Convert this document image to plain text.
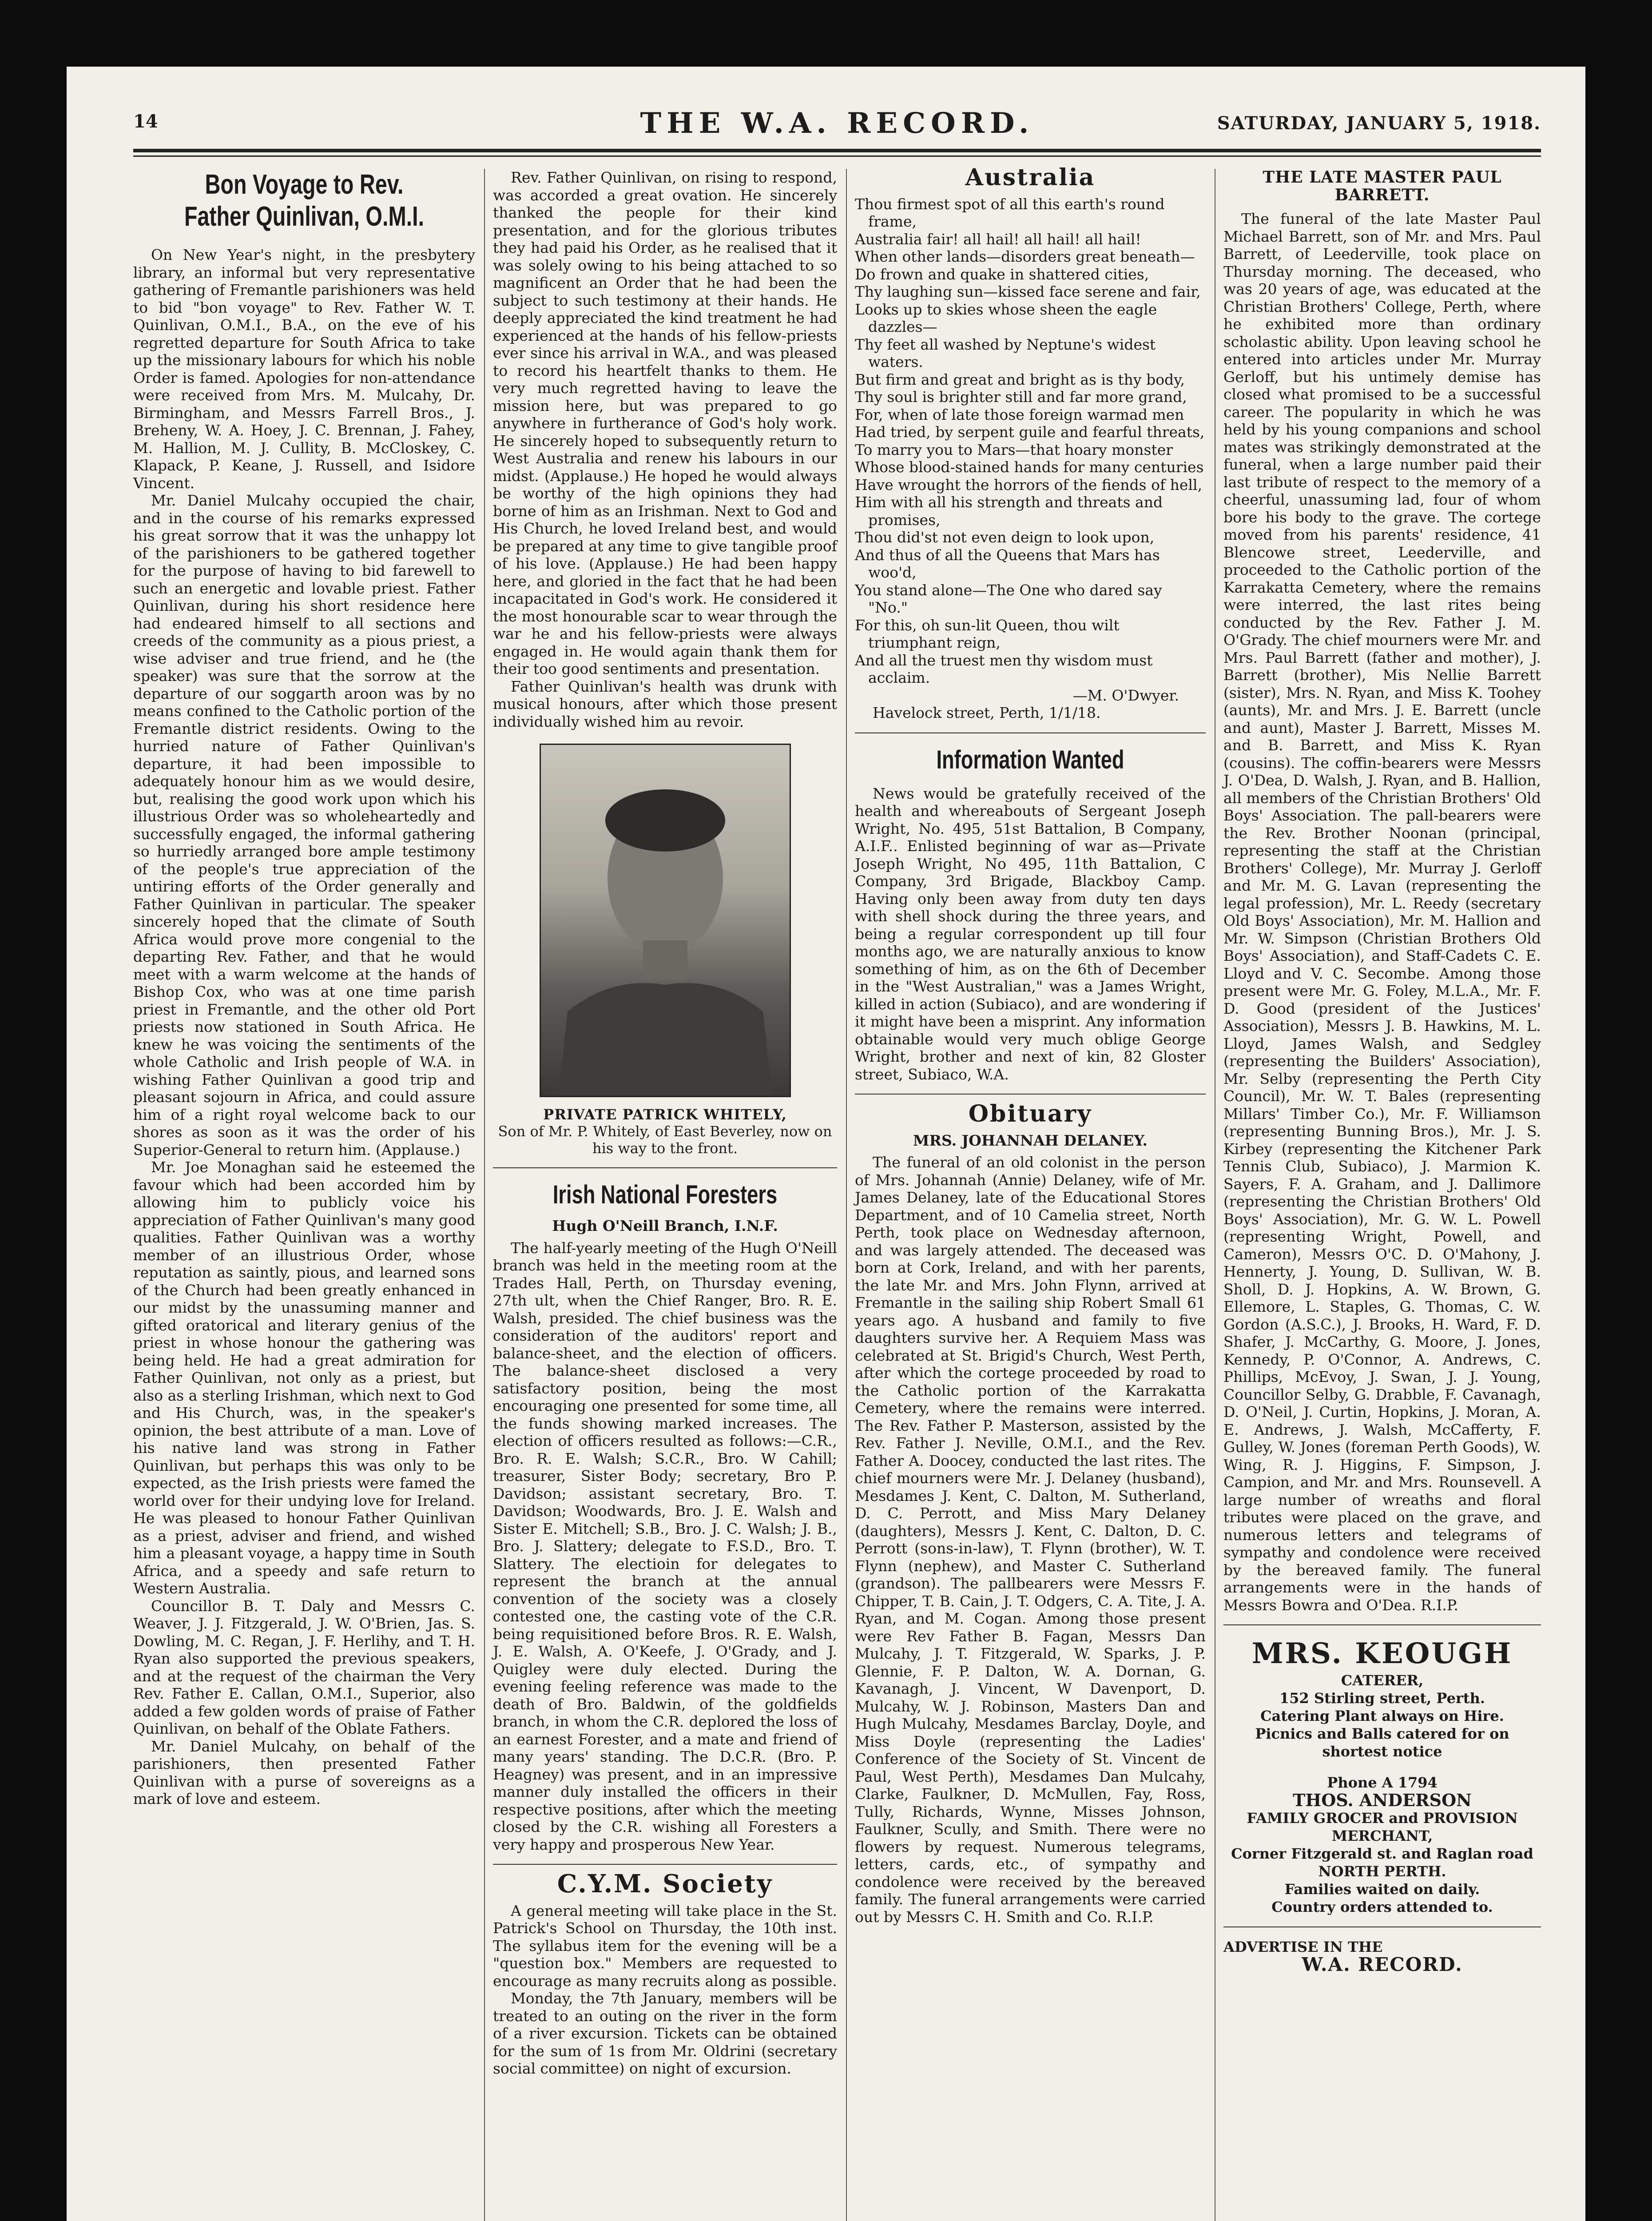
14	THE W.A. RECORD.	SATURDAY, JANUARY 5, 1918.
Bon Voyage to Rev. Father Quinlivan, O.M.I.

On New Year's night, in the presbytery library, an informal but very representative gathering of Fremantle parishioners was held to bid "bon voyage" to Rev. Father W. T. Quinlivan, O.M.I., B.A., on the eve of his regretted departure for South Africa to take up the missionary labours for which his noble Order is famed. Apologies for non-attendance were received from Mrs. M. Mulcahy, Dr. Birmingham, and Messrs Farrell Bros., J. Breheny, W. A. Hoey, J. C. Brennan, J. Fahey, M. Hallion, M. J. Cullity, B. McCloskey, C. Klapack, P. Keane, J. Russell, and Isidore Vincent.

Mr. Daniel Mulcahy occupied the chair, and in the course of his remarks expressed his great sorrow that it was the unhappy lot of the parishioners to be gathered together for the purpose of having to bid farewell to such an energetic and lovable priest. Father Quinlivan, during his short residence here had endeared himself to all sections and creeds of the community as a pious priest, a wise adviser and true friend, and he (the speaker) was sure that the sorrow at the departure of our soggarth aroon was by no means confined to the Catholic portion of the Fremantle district residents. Owing to the hurried nature of Father Quinlivan's departure, it had been impossible to adequately honour him as we would desire, but, realising the good work upon which his illustrious Order was so wholeheartedly and successfully engaged, the informal gathering so hurriedly arranged bore ample testimony of the people's true appreciation of the untiring efforts of the Order generally and Father Quinlivan in particular. The speaker sincerely hoped that the climate of South Africa would prove more congenial to the departing Rev. Father, and that he would meet with a warm welcome at the hands of Bishop Cox, who was at one time parish priest in Fremantle, and the other old Port priests now stationed in South Africa. He knew he was voicing the sentiments of the whole Catholic and Irish people of W.A. in wishing Father Quinlivan a good trip and pleasant sojourn in Africa, and could assure him of a right royal welcome back to our shores as soon as it was the order of his Superior-General to return him. (Applause.)

Mr. Joe Monaghan said he esteemed the favour which had been accorded him by allowing him to publicly voice his appreciation of Father Quinlivan's many good qualities. Father Quinlivan was a worthy member of an illustrious Order, whose reputation as saintly, pious, and learned sons of the Church had been greatly enhanced in our midst by the unassuming manner and gifted oratorical and literary genius of the priest in whose honour the gathering was being held. He had a great admiration for Father Quinlivan, not only as a priest, but also as a sterling Irishman, which next to God and His Church, was, in the speaker's opinion, the best attribute of a man. Love of his native land was strong in Father Quinlivan, but perhaps this was only to be expected, as the Irish priests were famed the world over for their undying love for Ireland. He was pleased to honour Father Quinlivan as a priest, adviser and friend, and wished him a pleasant voyage, a happy time in South Africa, and a speedy and safe return to Western Australia.

Councillor B. T. Daly and Messrs C. Weaver, J. J. Fitzgerald, J. W. O'Brien, Jas. S. Dowling, M. C. Regan, J. F. Herlihy, and T. H. Ryan also supported the previous speakers, and at the request of the chairman the Very Rev. Father E. Callan, O.M.I., Superior, also added a few golden words of praise of Father Quinlivan, on behalf of the Oblate Fathers.

Mr. Daniel Mulcahy, on behalf of the parishioners, then presented Father Quinlivan with a purse of sovereigns as a mark of love and esteem.

Rev. Father Quinlivan, on rising to respond, was accorded a great ovation. He sincerely thanked the people for their kind presentation, and for the glorious tributes they had paid his Order, as he realised that it was solely owing to his being attached to so magnificent an Order that he had been the subject to such testimony at their hands. He deeply appreciated the kind treatment he had experienced at the hands of his fellow-priests ever since his arrival in W.A., and was pleased to record his heartfelt thanks to them. He very much regretted having to leave the mission here, but was prepared to go anywhere in furtherance of God's holy work. He sincerely hoped to subsequently return to West Australia and renew his labours in our midst. (Applause.) He hoped he would always be worthy of the high opinions they had borne of him as an Irishman. Next to God and His Church, he loved Ireland best, and would be prepared at any time to give tangible proof of his love. (Applause.) He had been happy here, and gloried in the fact that he had been incapacitated in God's work. He considered it the most honourable scar to wear through the war he and his fellow-priests were always engaged in. He would again thank them for their too good sentiments and presentation.

Father Quinlivan's health was drunk with musical honours, after which those present individually wished him au revoir.

PRIVATE PATRICK WHITELY,
Son of Mr. P. Whitely, of East Beverley, now on his way to the front.
Irish National Foresters
Hugh O'Neill Branch, I.N.F.

The half-yearly meeting of the Hugh O'Neill branch was held in the meeting room at the Trades Hall, Perth, on Thursday evening, 27th ult, when the Chief Ranger, Bro. R. E. Walsh, presided. The chief business was the consideration of the auditors' report and balance-sheet, and the election of officers. The balance-sheet disclosed a very satisfactory position, being the most encouraging one presented for some time, all the funds showing marked increases. The election of officers resulted as follows:—C.R., Bro. R. E. Walsh; S.C.R., Bro. W Cahill; treasurer, Sister Body; secretary, Bro P. Davidson; assistant secretary, Bro. T. Davidson; Woodwards, Bro. J. E. Walsh and Sister E. Mitchell; S.B., Bro. J. C. Walsh; J. B., Bro. J. Slattery; delegate to F.S.D., Bro. T. Slattery. The electioin for delegates to represent the branch at the annual convention of the society was a closely contested one, the casting vote of the C.R. being requisitioned before Bros. R. E. Walsh, J. E. Walsh, A. O'Keefe, J. O'Grady, and J. Quigley were duly elected. During the evening feeling reference was made to the death of Bro. Baldwin, of the goldfields branch, in whom the C.R. deplored the loss of an earnest Forester, and a mate and friend of many years' standing. The D.C.R. (Bro. P. Heagney) was present, and in an impressive manner duly installed the officers in their respective positions, after which the meeting closed by the C.R. wishing all Foresters a very happy and prosperous New Year.

C.Y.M. Society

A general meeting will take place in the St. Patrick's School on Thursday, the 10th inst. The syllabus item for the evening will be a "question box." Members are requested to encourage as many recruits along as possible.

Monday, the 7th January, members will be treated to an outing on the river in the form of a river excursion. Tickets can be obtained for the sum of 1s from Mr. Oldrini (secretary social committee) on night of excursion.

Australia

Thou firmest spot of all this earth's round frame,

Australia fair! all hail! all hail! all hail!

When other lands—disorders great beneath—

Do frown and quake in shattered cities,

Thy laughing sun—kissed face serene and fair,

Looks up to skies whose sheen the eagle dazzles—

Thy feet all washed by Neptune's widest waters.

But firm and great and bright as is thy body,

Thy soul is brighter still and far more grand,

For, when of late those foreign warmad men

Had tried, by serpent guile and fearful threats,

To marry you to Mars—that hoary monster

Whose blood-stained hands for many centuries

Have wrought the horrors of the fiends of hell,

Him with all his strength and threats and promises,

Thou did'st not even deign to look upon,

And thus of all the Queens that Mars has woo'd,

You stand alone—The One who dared say "No."

For this, oh sun-lit Queen, thou wilt triumphant reign,

And all the truest men thy wisdom must acclaim.

—M. O'Dwyer.

Havelock street, Perth, 1/1/18.

Information Wanted

News would be gratefully received of the health and whereabouts of Sergeant Joseph Wright, No. 495, 51st Battalion, B Company, A.I.F.. Enlisted beginning of war as—Private Joseph Wright, No 495, 11th Battalion, C Company, 3rd Brigade, Blackboy Camp. Having only been away from duty ten days with shell shock during the three years, and being a regular correspondent up till four months ago, we are naturally anxious to know something of him, as on the 6th of December in the "West Australian," was a James Wright, killed in action (Subiaco), and are wondering if it might have been a misprint. Any information obtainable would very much oblige George Wright, brother and next of kin, 82 Gloster street, Subiaco, W.A.

Obituary
MRS. JOHANNAH DELANEY.

The funeral of an old colonist in the person of Mrs. Johannah (Annie) Delaney, wife of Mr. James Delaney, late of the Educational Stores Department, and of 10 Camelia street, North Perth, took place on Wednesday afternoon, and was largely attended. The deceased was born at Cork, Ireland, and with her parents, the late Mr. and Mrs. John Flynn, arrived at Fremantle in the sailing ship Robert Small 61 years ago. A husband and family to five daughters survive her. A Requiem Mass was celebrated at St. Brigid's Church, West Perth, after which the cortege proceeded by road to the Catholic portion of the Karrakatta Cemetery, where the remains were interred. The Rev. Father P. Masterson, assisted by the Rev. Father J. Neville, O.M.I., and the Rev. Father A. Doocey, conducted the last rites. The chief mourners were Mr. J. Delaney (husband), Mesdames J. Kent, C. Dalton, M. Sutherland, D. C. Perrott, and Miss Mary Delaney (daughters), Messrs J. Kent, C. Dalton, D. C. Perrott (sons-in-law), T. Flynn (brother), W. T. Flynn (nephew), and Master C. Sutherland (grandson). The pallbearers were Messrs F. Chipper, T. B. Cain, J. T. Odgers, C. A. Tite, J. A. Ryan, and M. Cogan. Among those present were Rev Father B. Fagan, Messrs Dan Mulcahy, J. T. Fitzgerald, W. Sparks, J. P. Glennie, F. P. Dalton, W. A. Dornan, G. Kavanagh, J. Vincent, W Davenport, D. Mulcahy, W. J. Robinson, Masters Dan and Hugh Mulcahy, Mesdames Barclay, Doyle, and Miss Doyle (representing the Ladies' Conference of the Society of St. Vincent de Paul, West Perth), Mesdames Dan Mulcahy, Clarke, Faulkner, D. McMullen, Fay, Ross, Tully, Richards, Wynne, Misses Johnson, Faulkner, Scully, and Smith. There were no flowers by request. Numerous telegrams, letters, cards, etc., of sympathy and condolence were received by the bereaved family. The funeral arrangements were carried out by Messrs C. H. Smith and Co. R.I.P.

THE LATE MASTER PAUL BARRETT.

The funeral of the late Master Paul Michael Barrett, son of Mr. and Mrs. Paul Barrett, of Leederville, took place on Thursday morning. The deceased, who was 20 years of age, was educated at the Christian Brothers' College, Perth, where he exhibited more than ordinary scholastic ability. Upon leaving school he entered into articles under Mr. Murray Gerloff, but his untimely demise has closed what promised to be a successful career. The popularity in which he was held by his young companions and school mates was strikingly demonstrated at the funeral, when a large number paid their last tribute of respect to the memory of a cheerful, unassuming lad, four of whom bore his body to the grave. The cortege moved from his parents' residence, 41 Blencowe street, Leederville, and proceeded to the Catholic portion of the Karrakatta Cemetery, where the remains were interred, the last rites being conducted by the Rev. Father J. M. O'Grady. The chief mourners were Mr. and Mrs. Paul Barrett (father and mother), J. Barrett (brother), Mis Nellie Barrett (sister), Mrs. N. Ryan, and Miss K. Toohey (aunts), Mr. and Mrs. J. E. Barrett (uncle and aunt), Master J. Barrett, Misses M. and B. Barrett, and Miss K. Ryan (cousins). The coffin-bearers were Messrs J. O'Dea, D. Walsh, J. Ryan, and B. Hallion, all members of the Christian Brothers' Old Boys' Association. The pall-bearers were the Rev. Brother Noonan (principal, representing the staff at the Christian Brothers' College), Mr. Murray J. Gerloff and Mr. M. G. Lavan (representing the legal profession), Mr. L. Reedy (secretary Old Boys' Association), Mr. M. Hallion and Mr. W. Simpson (Christian Brothers Old Boys' Association), and Staff-Cadets C. E. Lloyd and V. C. Secombe. Among those present were Mr. G. Foley, M.L.A., Mr. F. D. Good (president of the Justices' Association), Messrs J. B. Hawkins, M. L. Lloyd, James Walsh, and Sedgley (representing the Builders' Association), Mr. Selby (representing the Perth City Council), Mr. W. T. Bales (representing Millars' Timber Co.), Mr. F. Williamson (representing Bunning Bros.), Mr. J. S. Kirbey (representing the Kitchener Park Tennis Club, Subiaco), J. Marmion K. Sayers, F. A. Graham, and J. Dallimore (representing the Christian Brothers' Old Boys' Association), Mr. G. W. L. Powell (representing Wright, Powell, and Cameron), Messrs O'C. D. O'Mahony, J. Hennerty, J. Young, D. Sullivan, W. B. Sholl, D. J. Hopkins, A. W. Brown, G. Ellemore, L. Staples, G. Thomas, C. W. Gordon (A.S.C.), J. Brooks, H. Ward, F. D. Shafer, J. McCarthy, G. Moore, J. Jones, Kennedy, P. O'Connor, A. Andrews, C. Phillips, McEvoy, J. Swan, J. J. Young, Councillor Selby, G. Drabble, F. Cavanagh, D. O'Neil, J. Curtin, Hopkins, J. Moran, A. E. Andrews, J. Walsh, McCafferty, F. Gulley, W. Jones (foreman Perth Goods), W. Wing, R. J. Higgins, F. Simpson, J. Campion, and Mr. and Mrs. Rounsevell. A large number of wreaths and floral tributes were placed on the grave, and numerous letters and telegrams of sympathy and condolence were received by the bereaved family. The funeral arrangements were in the hands of Messrs Bowra and O'Dea. R.I.P.

MRS. KEOUGH
CATERER,
152 Stirling street, Perth.
Catering Plant always on Hire.
Picnics and Balls catered for on shortest notice
Phone A 1794
THOS. ANDERSON
FAMILY GROCER and PROVISION MERCHANT,
Corner Fitzgerald st. and Raglan road NORTH PERTH.
Families waited on daily.
Country orders attended to.
ADVERTISE IN THE
W.A. RECORD.
